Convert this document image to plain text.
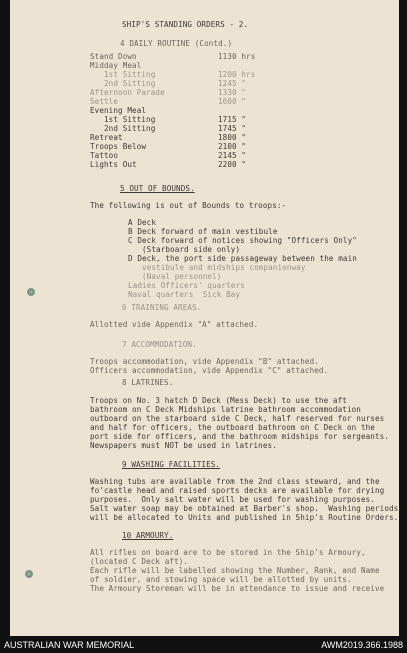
SHIP'S STANDING ORDERS - 2.
4 DAILY ROUTINE (Contd.)
Stand Down	1130 hrs
Midday Meal
1st Sitting	1200 hrs
2nd Sitting	1245 "
Afternoon Parade	1330 "
Settle	1600 "
Evening Meal
1st Sitting	1715 "
2nd Sitting	1745 "
Retreat	1800 "
Troops Below	2100 "
Tattoo	2145 "
Lights Out	2200 "
5 OUT OF BOUNDS.
The following is out of Bounds to troops:-
A Deck
B Deck forward of main vestibule
C Deck forward of notices showing "Officers Only"
(Starboard side only)
D Deck, the port side passageway between the main
vestibule and midships companionway
(Naval personnel)
Ladies Officers' quarters
Naval quarters  Sick Bay
6 TRAINING AREAS.
Allotted vide Appendix "A" attached.
7 ACCOMMODATION.
Troops accommodation, vide Appendix "B" attached.
Officers accommodation, vide Appendix "C" attached.
8 LATRINES.
Troops on No. 3 hatch D Deck (Mess Deck) to use the aft
bathroom on C Deck Midships latrine bathroom accommodation
outboard on the starboard side C Deck, half reserved for nurses
and half for officers, the outboard bathroom on C Deck on the
port side for officers, and the bathroom midships for sergeants.
Newspapers must NOT be used in latrines.
9 WASHING FACILITIES.
Washing tubs are available from the 2nd class steward, and the
fo'castle head and raised sports decks are available for drying
purposes.  Only salt water will be used for washing purposes.
Salt water soap may be obtained at Barber's shop.  Washing periods
will be allocated to Units and published in Ship's Routine Orders.
10 ARMOURY.
All rifles on board are to be stored in the Ship's Armoury,
(located C Deck aft).
Each rifle will be labelled showing the Number, Rank, and Name
of soldier, and stowing space will be allotted by units.
The Armoury Storeman will be in attendance to issue and receive
AUSTRALIAN WAR MEMORIAL	AWM2019.366.1988
